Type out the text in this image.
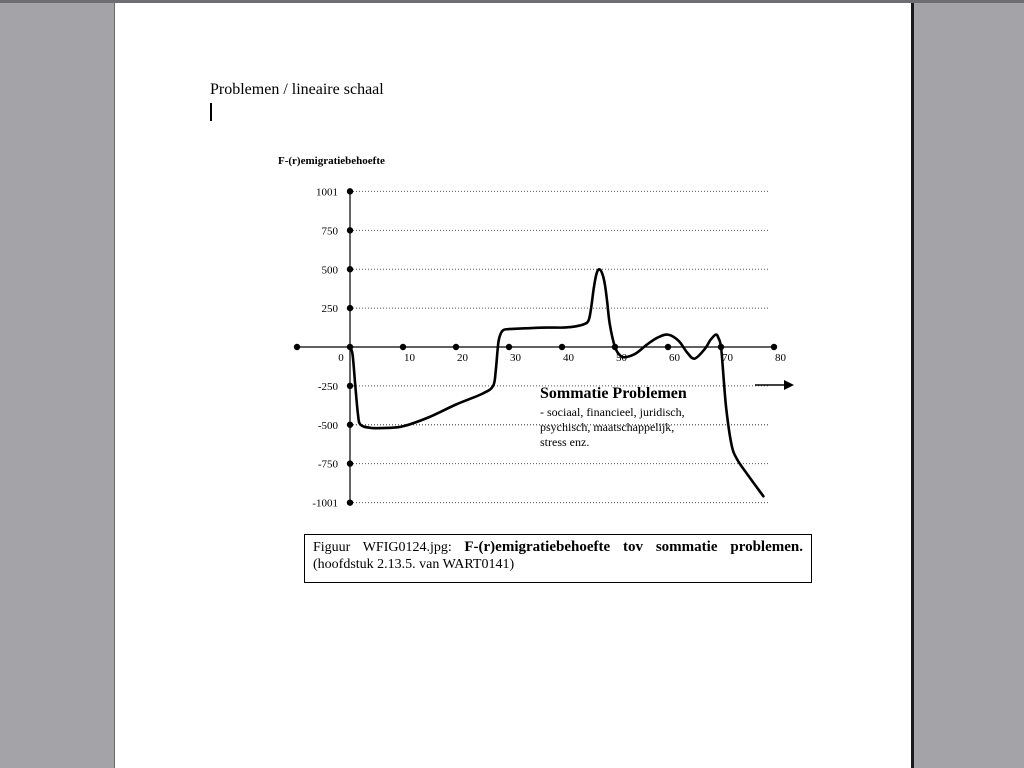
Problemen / lineaire schaal
Figuur WFIG0124.jpg: F-(r)emigratiebehoefte tov sommatie problemen. (hoofdstuk 2.13.5. van WART0141)
1001
750
500
250
-250
-500
-750
-1001
0	10	20	30	40	50	60	70	80
F-(r)emigratiebehoefte
Sommatie Problemen
- sociaal, financieel, juridisch,
psychisch, maatschappelijk,
stress enz.
